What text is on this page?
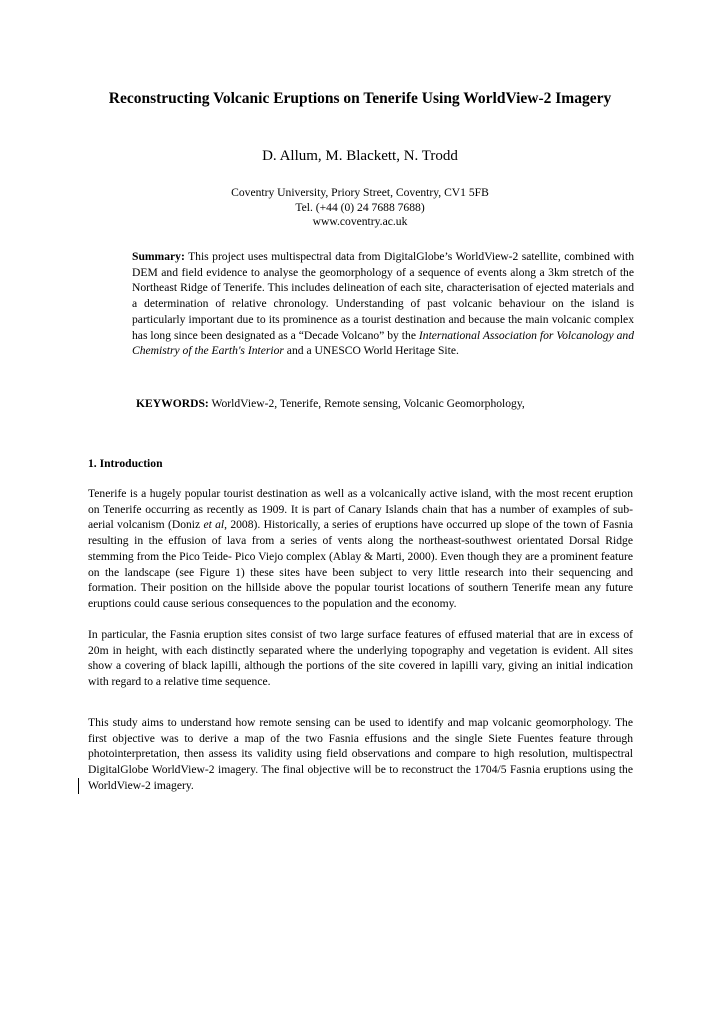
Reconstructing Volcanic Eruptions on Tenerife Using WorldView-2 Imagery
D. Allum, M. Blackett, N. Trodd
Coventry University, Priory Street, Coventry, CV1 5FB
Tel. (+44 (0) 24 7688 7688)
www.coventry.ac.uk
Summary: This project uses multispectral data from DigitalGlobe’s WorldView-2 satellite, combined with DEM and field evidence to analyse the geomorphology of a sequence of events along a 3km stretch of the Northeast Ridge of Tenerife. This includes delineation of each site, characterisation of ejected materials and a determination of relative chronology. Understanding of past volcanic behaviour on the island is particularly important due to its prominence as a tourist destination and because the main volcanic complex has long since been designated as a “Decade Volcano” by the International Association for Volcanology and Chemistry of the Earth's Interior and a UNESCO World Heritage Site.
KEYWORDS: WorldView-2, Tenerife, Remote sensing, Volcanic Geomorphology,
1. Introduction
Tenerife is a hugely popular tourist destination as well as a volcanically active island, with the most recent eruption on Tenerife occurring as recently as 1909. It is part of Canary Islands chain that has a number of examples of sub-aerial volcanism (Doniz et al, 2008). Historically, a series of eruptions have occurred up slope of the town of Fasnia resulting in the effusion of lava from a series of vents along the northeast-southwest orientated Dorsal Ridge stemming from the Pico Teide- Pico Viejo complex (Ablay & Marti, 2000). Even though they are a prominent feature on the landscape (see Figure 1) these sites have been subject to very little research into their sequencing and formation. Their position on the hillside above the popular tourist locations of southern Tenerife mean any future eruptions could cause serious consequences to the population and the economy.
In particular, the Fasnia eruption sites consist of two large surface features of effused material that are in excess of 20m in height, with each distinctly separated where the underlying topography and vegetation is evident. All sites show a covering of black lapilli, although the portions of the site covered in lapilli vary, giving an initial indication with regard to a relative time sequence.
This study aims to understand how remote sensing can be used to identify and map volcanic geomorphology. The first objective was to derive a map of the two Fasnia effusions and the single Siete Fuentes feature through photointerpretation, then assess its validity using field observations and compare to high resolution, multispectral DigitalGlobe WorldView-2 imagery. The final objective will be to reconstruct the 1704/5 Fasnia eruptions using the WorldView-2 imagery.
